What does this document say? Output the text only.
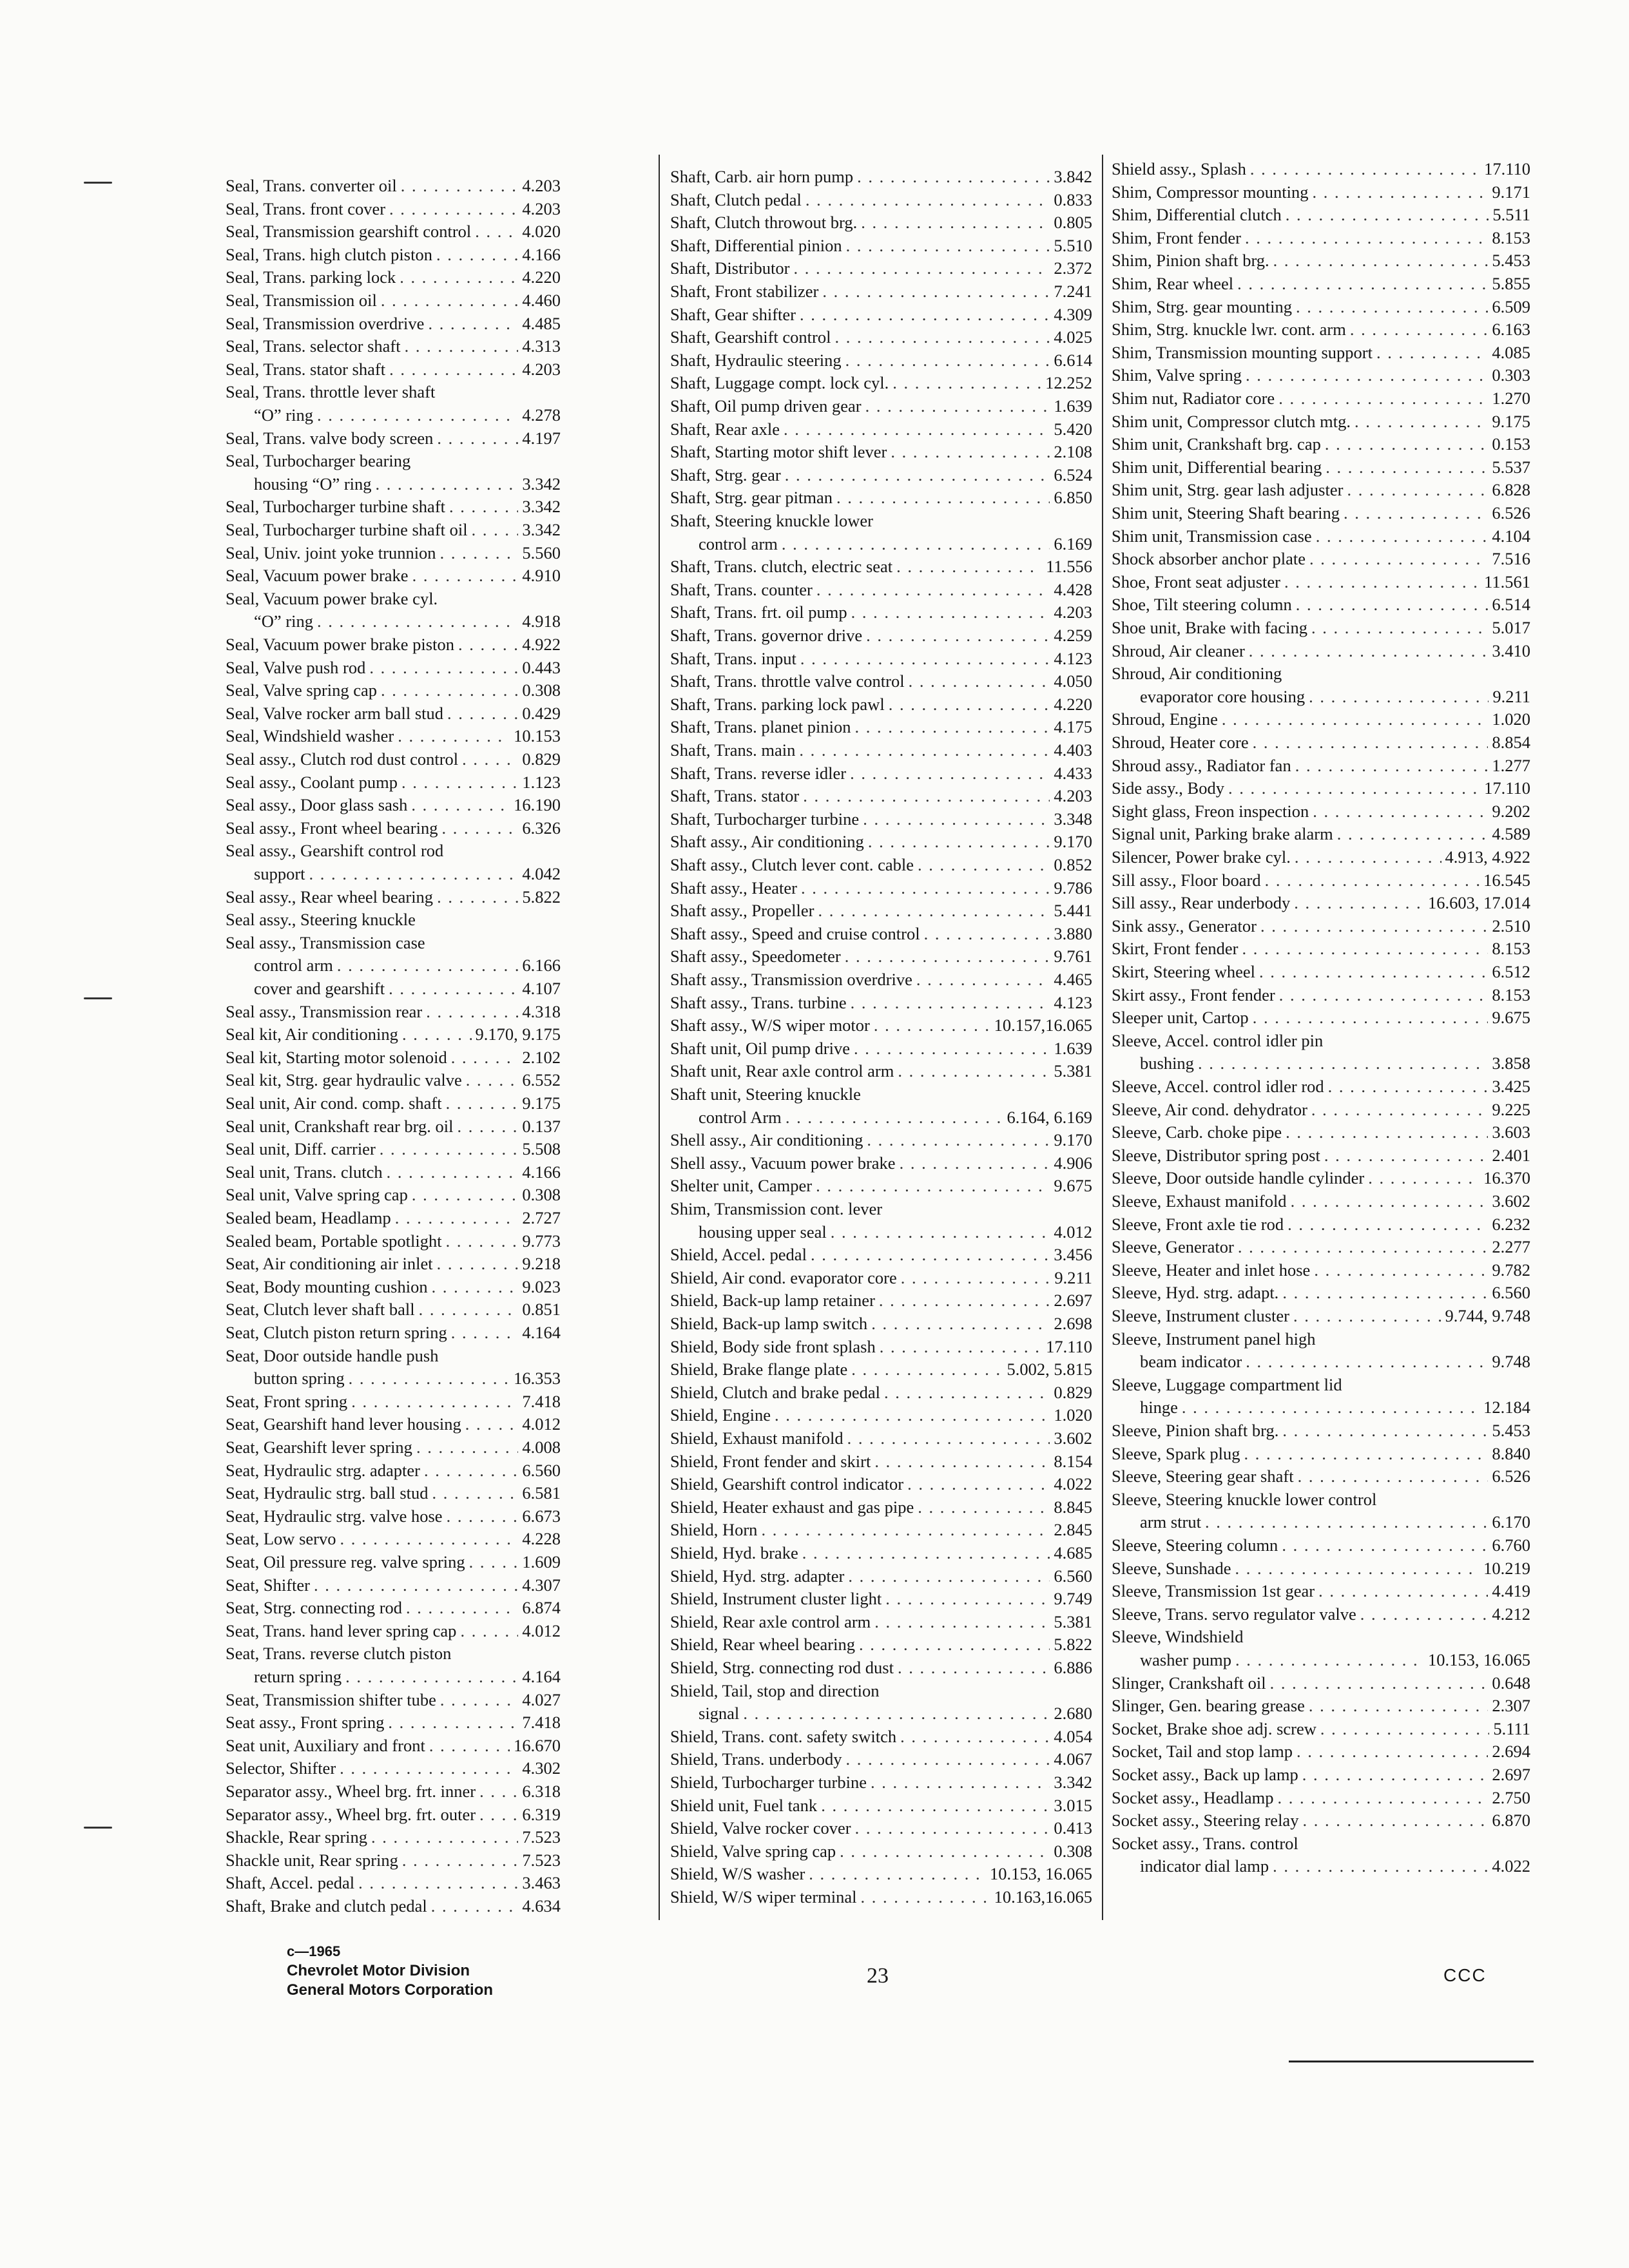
Seal, Trans. converter oil . . .	4.203
Seal, Trans. front cover . . .	4.203
Seal, Transmission gearshift control . . .	4.020
Seal, Trans. high clutch piston . . .	4.166
Seal, Trans. parking lock . . .	4.220
Seal, Transmission oil . . .	4.460
Seal, Transmission overdrive . . .	4.485
Seal, Trans. selector shaft . . .	4.313
Seal, Trans. stator shaft . . .	4.203
Seal, Trans. throttle lever shaft
“O” ring . . .	4.278
Seal, Trans. valve body screen . . .	4.197
Seal, Turbocharger bearing
housing “O” ring . . .	3.342
Seal, Turbocharger turbine shaft . . .	3.342
Seal, Turbocharger turbine shaft oil . . .	3.342
Seal, Univ. joint yoke trunnion . . .	5.560
Seal, Vacuum power brake . . .	4.910
Seal, Vacuum power brake cyl.
“O” ring . . .	4.918
Seal, Vacuum power brake piston . . .	4.922
Seal, Valve push rod . . .	0.443
Seal, Valve spring cap . . .	0.308
Seal, Valve rocker arm ball stud . . .	0.429
Seal, Windshield washer . . .	10.153
Seal assy., Clutch rod dust control . . .	0.829
Seal assy., Coolant pump . . .	1.123
Seal assy., Door glass sash . . .	16.190
Seal assy., Front wheel bearing . . .	6.326
Seal assy., Gearshift control rod
support . . .	4.042
Seal assy., Rear wheel bearing . . .	5.822
Seal assy., Steering knuckle
Seal assy., Transmission case
control arm . . .	6.166
cover and gearshift . . .	4.107
Seal assy., Transmission rear . . .	4.318
Seal kit, Air conditioning . . .	9.170, 9.175
Seal kit, Starting motor solenoid . . .	2.102
Seal kit, Strg. gear hydraulic valve . . .	6.552
Seal unit, Air cond. comp. shaft . . .	9.175
Seal unit, Crankshaft rear brg. oil . . .	0.137
Seal unit, Diff. carrier . . .	5.508
Seal unit, Trans. clutch . . .	4.166
Seal unit, Valve spring cap . . .	0.308
Sealed beam, Headlamp . . .	2.727
Sealed beam, Portable spotlight . . .	9.773
Seat, Air conditioning air inlet . . .	9.218
Seat, Body mounting cushion . . .	9.023
Seat, Clutch lever shaft ball . . .	0.851
Seat, Clutch piston return spring . . .	4.164
Seat, Door outside handle push
button spring . . .	16.353
Seat, Front spring . . .	7.418
Seat, Gearshift hand lever housing . . .	4.012
Seat, Gearshift lever spring . . .	4.008
Seat, Hydraulic strg. adapter . . .	6.560
Seat, Hydraulic strg. ball stud . . .	6.581
Seat, Hydraulic strg. valve hose . . .	6.673
Seat, Low servo . . .	4.228
Seat, Oil pressure reg. valve spring . . .	1.609
Seat, Shifter . . .	4.307
Seat, Strg. connecting rod . . .	6.874
Seat, Trans. hand lever spring cap . . .	4.012
Seat, Trans. reverse clutch piston
return spring . . .	4.164
Seat, Transmission shifter tube . . .	4.027
Seat assy., Front spring . . .	7.418
Seat unit, Auxiliary and front . . .	16.670
Selector, Shifter . . .	4.302
Separator assy., Wheel brg. frt. inner . . .	6.318
Separator assy., Wheel brg. frt. outer . . .	6.319
Shackle, Rear spring . . .	7.523
Shackle unit, Rear spring . . .	7.523
Shaft, Accel. pedal . . .	3.463
Shaft, Brake and clutch pedal . . .	4.634
Shaft, Carb. air horn pump . . .	3.842
Shaft, Clutch pedal . . .	0.833
Shaft, Clutch throwout brg. . . .	0.805
Shaft, Differential pinion . . .	5.510
Shaft, Distributor . . .	2.372
Shaft, Front stabilizer . . .	7.241
Shaft, Gear shifter . . .	4.309
Shaft, Gearshift control . . .	4.025
Shaft, Hydraulic steering . . .	6.614
Shaft, Luggage compt. lock cyl. . . .	12.252
Shaft, Oil pump driven gear . . .	1.639
Shaft, Rear axle . . .	5.420
Shaft, Starting motor shift lever . . .	2.108
Shaft, Strg. gear . . .	6.524
Shaft, Strg. gear pitman . . .	6.850
Shaft, Steering knuckle lower
control arm . . .	6.169
Shaft, Trans. clutch, electric seat . . .	11.556
Shaft, Trans. counter . . .	4.428
Shaft, Trans. frt. oil pump . . .	4.203
Shaft, Trans. governor drive . . .	4.259
Shaft, Trans. input . . .	4.123
Shaft, Trans. throttle valve control . . .	4.050
Shaft, Trans. parking lock pawl . . .	4.220
Shaft, Trans. planet pinion . . .	4.175
Shaft, Trans. main . . .	4.403
Shaft, Trans. reverse idler . . .	4.433
Shaft, Trans. stator . . .	4.203
Shaft, Turbocharger turbine . . .	3.348
Shaft assy., Air conditioning . . .	9.170
Shaft assy., Clutch lever cont. cable . . .	0.852
Shaft assy., Heater . . .	9.786
Shaft assy., Propeller . . .	5.441
Shaft assy., Speed and cruise control . . .	3.880
Shaft assy., Speedometer . . .	9.761
Shaft assy., Transmission overdrive . . .	4.465
Shaft assy., Trans. turbine . . .	4.123
Shaft assy., W/S wiper motor . . .	10.157,16.065
Shaft unit, Oil pump drive . . .	1.639
Shaft unit, Rear axle control arm . . .	5.381
Shaft unit, Steering knuckle
control Arm . . .	6.164, 6.169
Shell assy., Air conditioning . . .	9.170
Shell assy., Vacuum power brake . . .	4.906
Shelter unit, Camper . . .	9.675
Shim, Transmission cont. lever
housing upper seal . . .	4.012
Shield, Accel. pedal . . .	3.456
Shield, Air cond. evaporator core . . .	9.211
Shield, Back-up lamp retainer . . .	2.697
Shield, Back-up lamp switch . . .	2.698
Shield, Body side front splash . . .	17.110
Shield, Brake flange plate . . .	5.002, 5.815
Shield, Clutch and brake pedal . . .	0.829
Shield, Engine . . .	1.020
Shield, Exhaust manifold . . .	3.602
Shield, Front fender and skirt . . .	8.154
Shield, Gearshift control indicator . . .	4.022
Shield, Heater exhaust and gas pipe . . .	8.845
Shield, Horn . . .	2.845
Shield, Hyd. brake . . .	4.685
Shield, Hyd. strg. adapter . . .	6.560
Shield, Instrument cluster light . . .	9.749
Shield, Rear axle control arm . . .	5.381
Shield, Rear wheel bearing . . .	5.822
Shield, Strg. connecting rod dust . . .	6.886
Shield, Tail, stop and direction
signal . . .	2.680
Shield, Trans. cont. safety switch . . .	4.054
Shield, Trans. underbody . . .	4.067
Shield, Turbocharger turbine . . .	3.342
Shield unit, Fuel tank . . .	3.015
Shield, Valve rocker cover . . .	0.413
Shield, Valve spring cap . . .	0.308
Shield, W/S washer . . .	10.153, 16.065
Shield, W/S wiper terminal . . .	10.163,16.065
Shield assy., Splash . . .	17.110
Shim, Compressor mounting . . .	9.171
Shim, Differential clutch . . .	5.511
Shim, Front fender . . .	8.153
Shim, Pinion shaft brg. . . .	5.453
Shim, Rear wheel . . .	5.855
Shim, Strg. gear mounting . . .	6.509
Shim, Strg. knuckle lwr. cont. arm . . .	6.163
Shim, Transmission mounting support . . .	4.085
Shim, Valve spring . . .	0.303
Shim nut, Radiator core . . .	1.270
Shim unit, Compressor clutch mtg. . . .	9.175
Shim unit, Crankshaft brg. cap . . .	0.153
Shim unit, Differential bearing . . .	5.537
Shim unit, Strg. gear lash adjuster . . .	6.828
Shim unit, Steering Shaft bearing . . .	6.526
Shim unit, Transmission case . . .	4.104
Shock absorber anchor plate . . .	7.516
Shoe, Front seat adjuster . . .	11.561
Shoe, Tilt steering column . . .	6.514
Shoe unit, Brake with facing . . .	5.017
Shroud, Air cleaner . . .	3.410
Shroud, Air conditioning
evaporator core housing . . .	9.211
Shroud, Engine . . .	1.020
Shroud, Heater core . . .	8.854
Shroud assy., Radiator fan . . .	1.277
Side assy., Body . . .	17.110
Sight glass, Freon inspection . . .	9.202
Signal unit, Parking brake alarm . . .	4.589
Silencer, Power brake cyl. . . .	4.913, 4.922
Sill assy., Floor board . . .	16.545
Sill assy., Rear underbody . . .	16.603, 17.014
Sink assy., Generator . . .	2.510
Skirt, Front fender . . .	8.153
Skirt, Steering wheel . . .	6.512
Skirt assy., Front fender . . .	8.153
Sleeper unit, Cartop . . .	9.675
Sleeve, Accel. control idler pin
bushing . . .	3.858
Sleeve, Accel. control idler rod . . .	3.425
Sleeve, Air cond. dehydrator . . .	9.225
Sleeve, Carb. choke pipe . . .	3.603
Sleeve, Distributor spring post . . .	2.401
Sleeve, Door outside handle cylinder . . .	16.370
Sleeve, Exhaust manifold . . .	3.602
Sleeve, Front axle tie rod . . .	6.232
Sleeve, Generator . . .	2.277
Sleeve, Heater and inlet hose . . .	9.782
Sleeve, Hyd. strg. adapt. . . .	6.560
Sleeve, Instrument cluster . . .	9.744, 9.748
Sleeve, Instrument panel high
beam indicator . . .	9.748
Sleeve, Luggage compartment lid
hinge . . .	12.184
Sleeve, Pinion shaft brg. . . .	5.453
Sleeve, Spark plug . . .	8.840
Sleeve, Steering gear shaft . . .	6.526
Sleeve, Steering knuckle lower control
arm strut . . .	6.170
Sleeve, Steering column . . .	6.760
Sleeve, Sunshade . . .	10.219
Sleeve, Transmission 1st gear . . .	4.419
Sleeve, Trans. servo regulator valve . . .	4.212
Sleeve, Windshield
washer pump . . .	10.153, 16.065
Slinger, Crankshaft oil . . .	0.648
Slinger, Gen. bearing grease . . .	2.307
Socket, Brake shoe adj. screw . . .	5.111
Socket, Tail and stop lamp . . .	2.694
Socket assy., Back up lamp . . .	2.697
Socket assy., Headlamp . . .	2.750
Socket assy., Steering relay . . .	6.870
Socket assy., Trans. control
indicator dial lamp . . .	4.022
c—1965
Chevrolet Motor Division
General Motors Corporation
23	CCC
